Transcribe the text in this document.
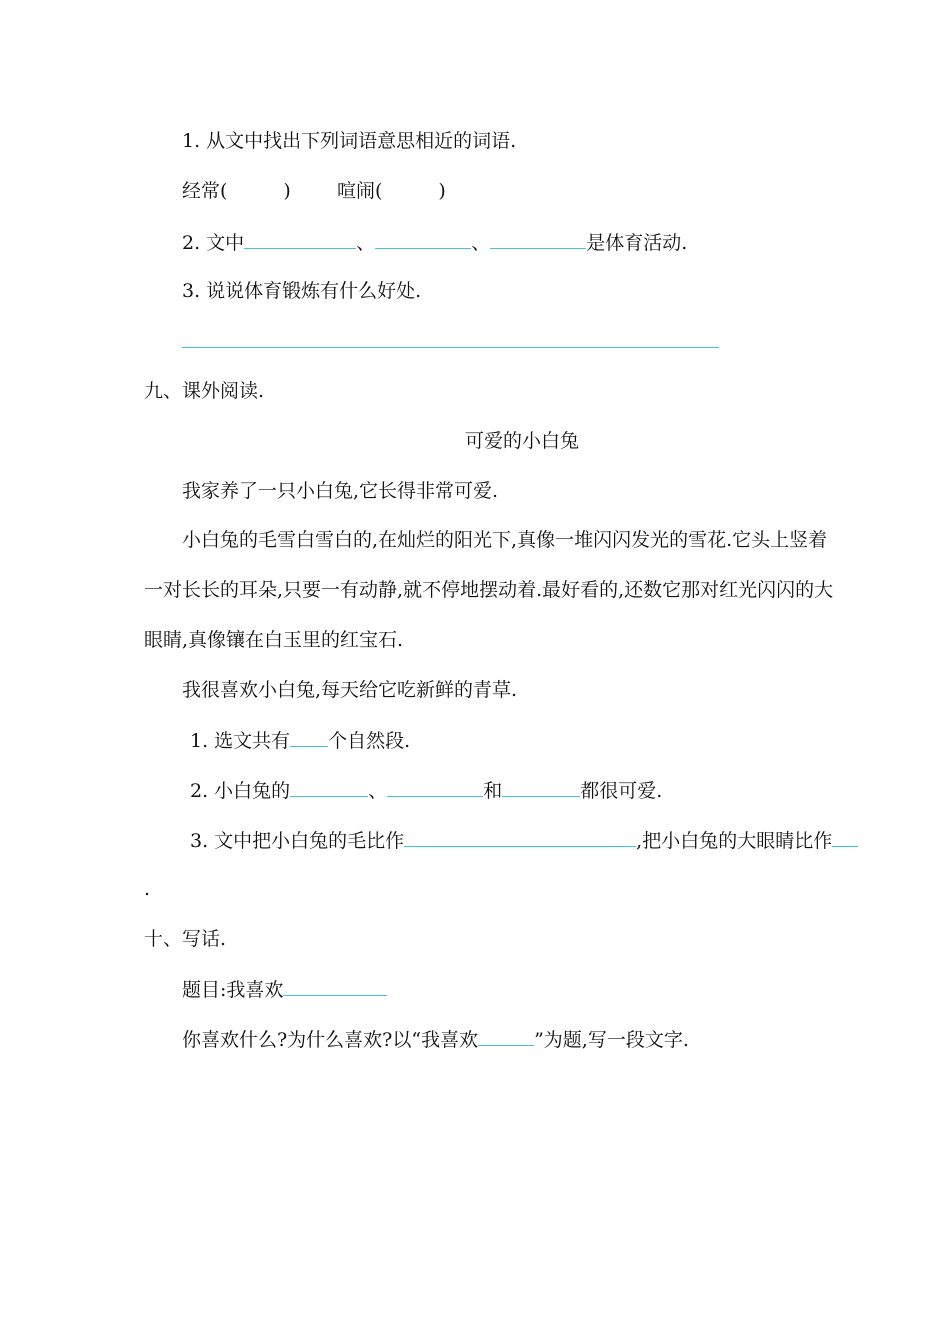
1. 从文中找出下列词语意思相近的词语.
经常(	) 喧闹(	)
2. 文中	、	、	是体育活动.
3. 说说体育锻炼有什么好处.
九、课外阅读.
可爱的小白兔
我家养了一只小白兔,它长得非常可爱.
小白兔的毛雪白雪白的,在灿烂的阳光下,真像一堆闪闪发光的雪花.它头上竖着
一对长长的耳朵,只要一有动静,就不停地摆动着.最好看的,还数它那对红光闪闪的大
眼睛,真像镶在白玉里的红宝石.
我很喜欢小白兔,每天给它吃新鲜的青草.
1. 选文共有 个自然段.
2. 小白兔的	、	和	都很可爱.
3. 文中把小白兔的毛比作	,把小白兔的大眼睛比作
.
十、写话.
题目:我喜欢
你喜欢什么?为什么喜欢?以“我喜欢	”为题,写一段文字.
